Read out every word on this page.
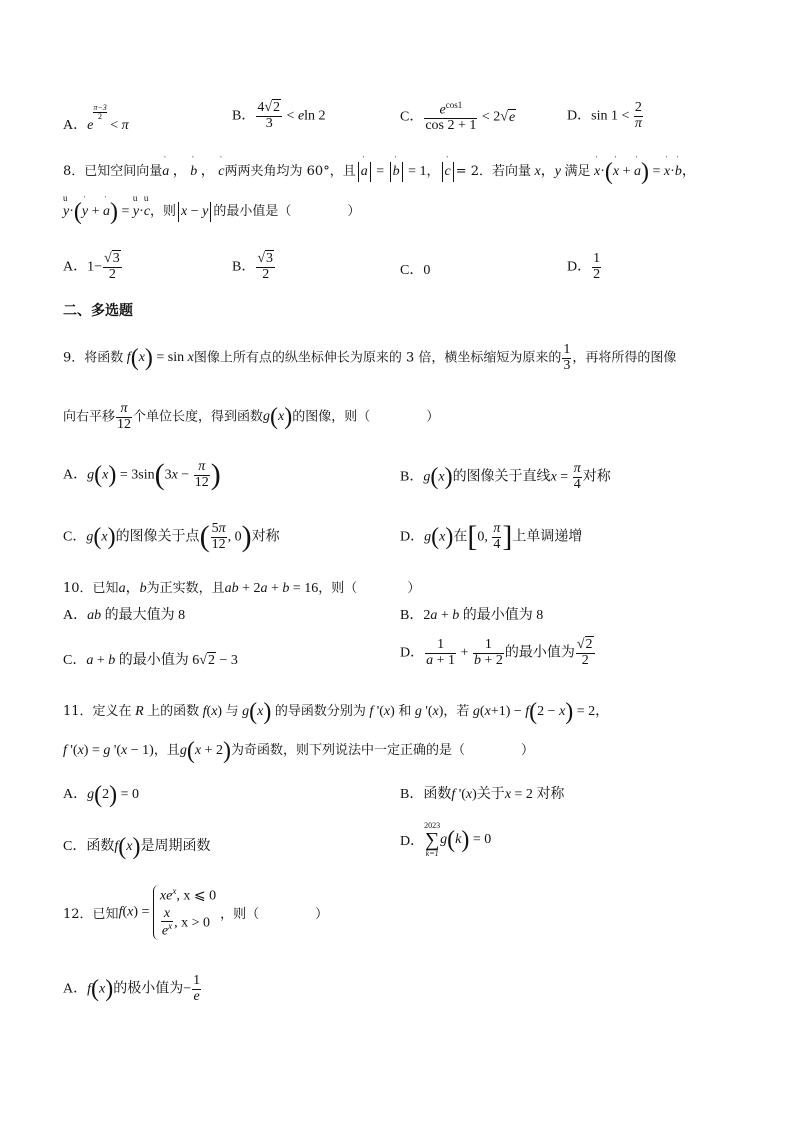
A．e
$\frac{\pi-3}{2}$
< π
B． $\frac{4√2}{3} < eln$ 2	C． $\frac{e^{cos1}}{\cos 2 + 1} < 2√e$	D．$\sin 1 < \frac{2}{\pi}$
8．已知空间向量ˈ a ， ˈ b ， ˈ c两两夹角均为 60°，且 ˈ a = ˈ b = 1， ˈ c = 2．若向量 x，y 满足 ˈ x·(ˈ x + ˈ a) = ˈ x·ˈ b，
u y·(ˈ y + ˈ a) = u y·u c，则 x − y 的最小值是（	）
A．$1- \frac{√3}{2}$	B． $\frac{√3}{2}$	C．0	D． $\frac{1}{2}$
二、多选题
9．将函数 f(x) = sin x图像上所有点的纵坐标伸长为原来的 3 倍，横坐标缩短为原来的 $\frac{1}{3}$ ，再将所得的图像
向右平移 $\frac{\pi}{12}$ 个单位长度，得到函数g(x)的图像，则（	）
A．$g(x) = 3\sin(3x - \frac{\pi}{12}$ )	B．g(x)的图像关于直线$x = \frac{\pi}{4}$ 对称
C．g(x)的图像关于点( $\frac{5\pi}{12}$ , 0)对称	D．g(x)在[0, $\frac{\pi}{4}$ ]上单调递增
10．已知a，b为正实数，且ab + 2a + b = 16，则（	）
A．ab 的最大值为 8	B．2a + b 的最小值为 8
C．a + b 的最小值为 6√2 − 3
D． $\frac{1}{a + 1} + \frac{1}{b + 2}$ 的最小值为 $\frac{√2}{2}$
11．定义在 R 上的函数 f(x) 与 g(x) 的导函数分别为 f '(x) 和 g '(x)，若 g(x+1) − f(2 − x) = 2，
f '(x) = g '(x − 1)，且g(x + 2)为奇函数，则下列说法中一定正确的是（	）
A．g(2) = 0	B．函数f '(x)关于x = 2 对称
C．函数f(x)是周期函数	D．
2023
∑
k=1
g(k) = 0
12．已知f(x) =
$xe^x$, x ⩽ 0
$\frac{x}{e^x}$ , x > 0
，则（	）
A．f(x)的极小值为− $\frac{1}{e}$
